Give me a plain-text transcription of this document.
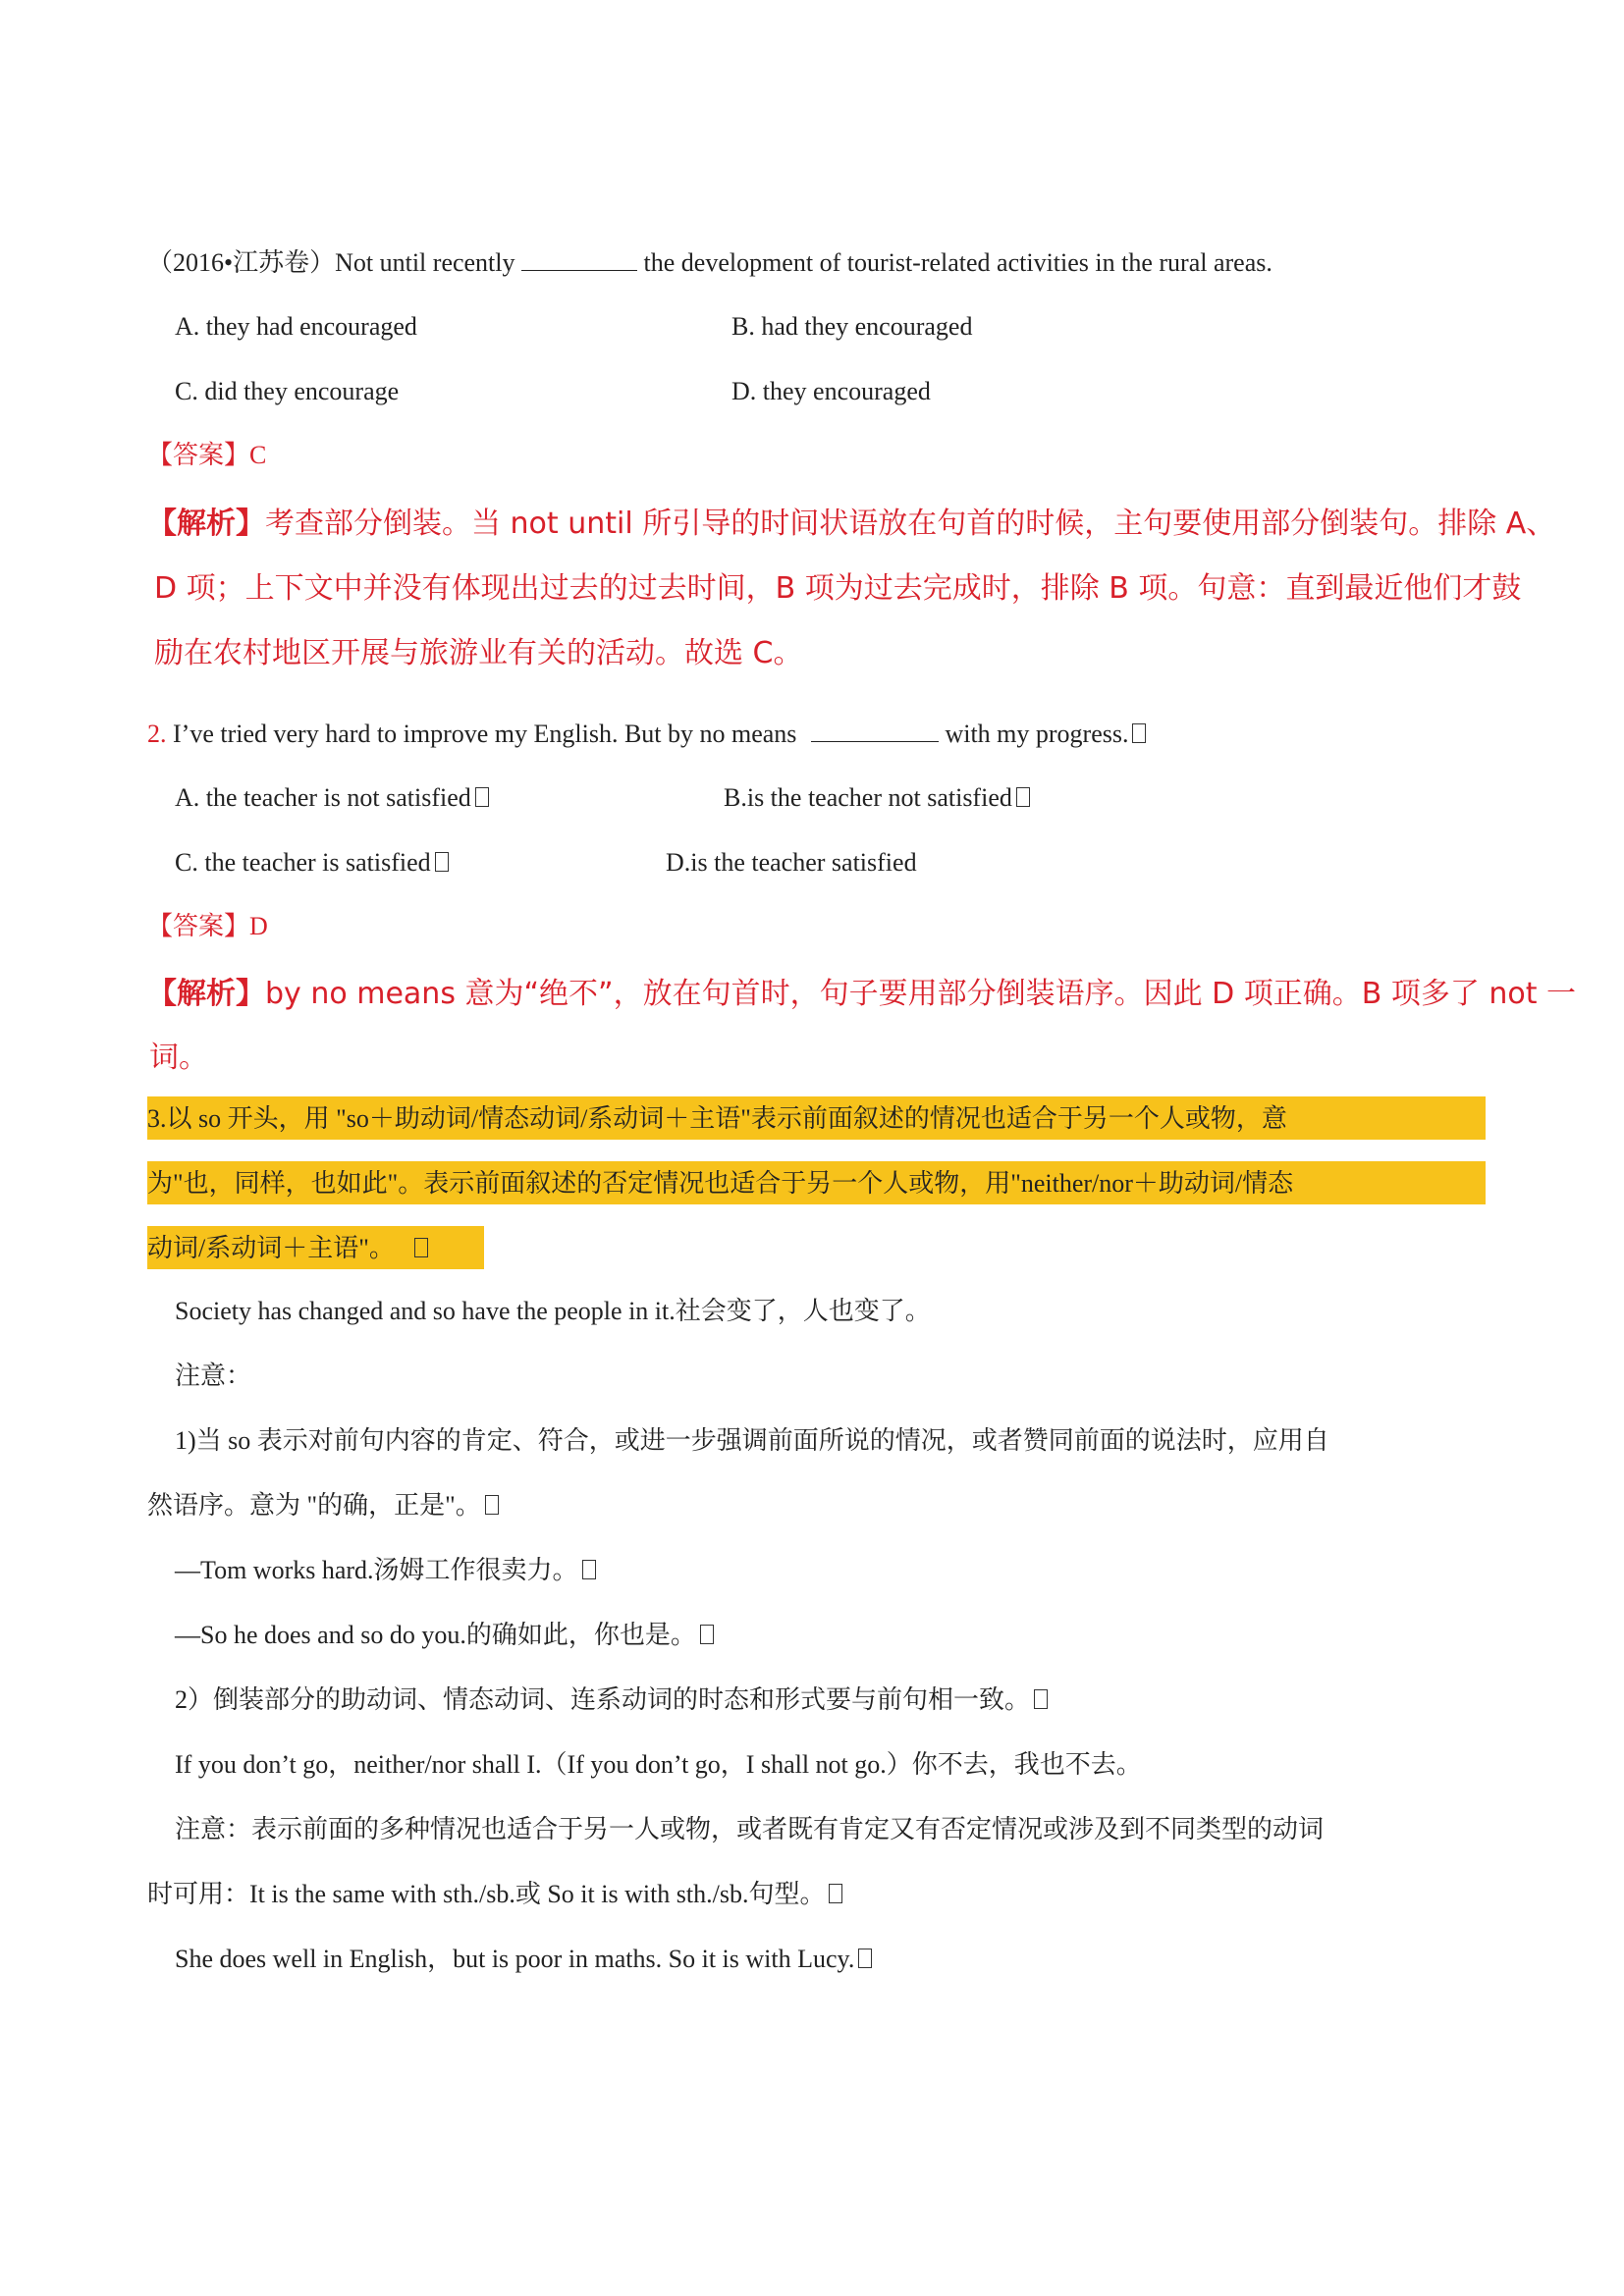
（2016•江苏卷）Not until recently	the development of tourist-related activities in the rural areas.
A. they had encouraged	B. had they encouraged
C. did they encourage	D. they encouraged
【答案】C
【解析】考查部分倒装。当 not until 所引导的时间状语放在句首的时候，主句要使用部分倒装句。排除 A、
D 项；上下文中并没有体现出过去的过去时间，B 项为过去完成时，排除 B 项。句意：直到最近他们才鼓
励在农村地区开展与旅游业有关的活动。故选 C。
2. I’ve tried very hard to improve my English. But by no means	with my progress.
A. the teacher is not satisfied	B.is the teacher not satisfied
C. the teacher is satisfied	D.is the teacher satisfied
【答案】D
【解析】by no means 意为“绝不”，放在句首时，句子要用部分倒装语序。因此 D 项正确。B 项多了 not 一
词。
3.以 so 开头，用 "so＋助动词/情态动词/系动词＋主语"表示前面叙述的情况也适合于另一个人或物，意
为"也，同样，也如此"。表示前面叙述的否定情况也适合于另一个人或物，用"neither/nor＋助动词/情态
动词/系动词＋主语"。
Society has changed and so have the people in it.社会变了，人也变了。
注意：
1)当 so 表示对前句内容的肯定、符合，或进一步强调前面所说的情况，或者赞同前面的说法时，应用自
然语序。意为 "的确，正是"。
—Tom works hard.汤姆工作很卖力。
—So he does and so do you.的确如此，你也是。
2）倒装部分的助动词、情态动词、连系动词的时态和形式要与前句相一致。
If you don’t go，neither/nor shall I.（If you don’t go，I shall not go.）你不去，我也不去。
注意：表示前面的多种情况也适合于另一人或物，或者既有肯定又有否定情况或涉及到不同类型的动词
时可用：It is the same with sth./sb.或 So it is with sth./sb.句型。
She does well in English，but is poor in maths. So it is with Lucy.
